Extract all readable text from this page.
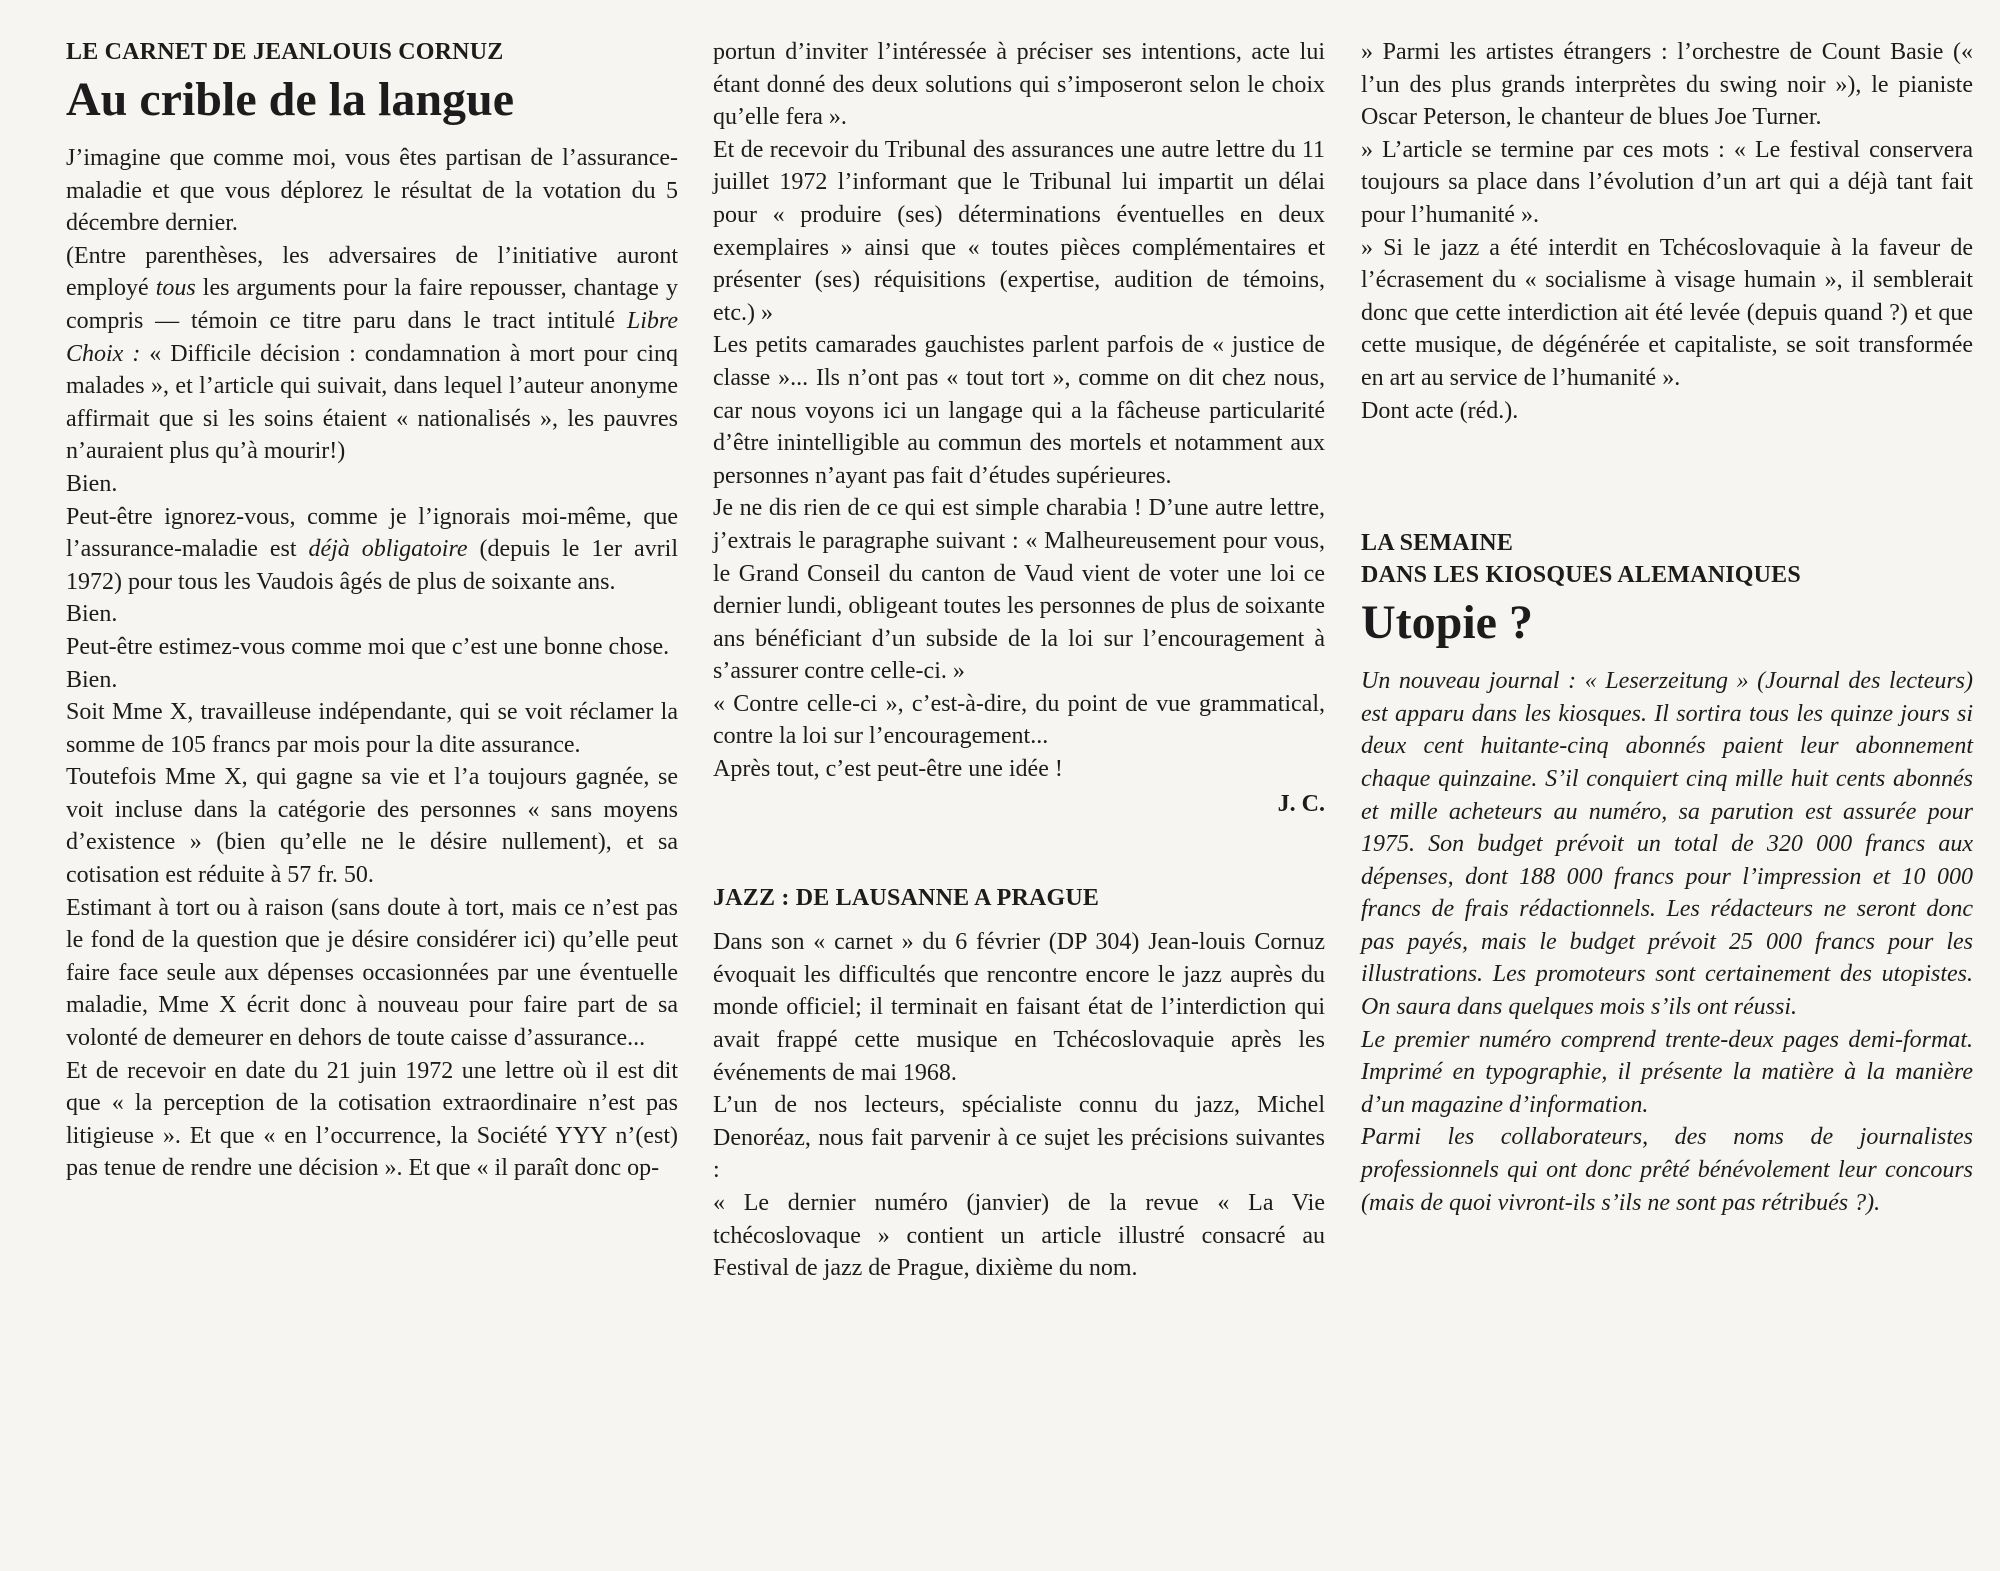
LE CARNET DE JEANLOUIS CORNUZ
Au crible de la langue

J’imagine que comme moi, vous êtes partisan de l’assurance-maladie et que vous déplorez le résultat de la votation du 5 décembre dernier.

(Entre parenthèses, les adversaires de l’initiative auront employé tous les arguments pour la faire repousser, chantage y compris — témoin ce titre paru dans le tract intitulé Libre Choix : « Difficile décision : condamnation à mort pour cinq malades », et l’article qui suivait, dans lequel l’auteur anonyme affirmait que si les soins étaient « nationalisés », les pauvres n’auraient plus qu’à mourir!)

Bien.

Peut-être ignorez-vous, comme je l’ignorais moi-même, que l’assurance-maladie est déjà obligatoire (depuis le 1er avril 1972) pour tous les Vaudois âgés de plus de soixante ans.

Bien.

Peut-être estimez-vous comme moi que c’est une bonne chose.

Bien.

Soit Mme X, travailleuse indépendante, qui se voit réclamer la somme de 105 francs par mois pour la dite assurance.

Toutefois Mme X, qui gagne sa vie et l’a toujours gagnée, se voit incluse dans la catégorie des personnes « sans moyens d’existence » (bien qu’elle ne le désire nullement), et sa cotisation est réduite à 57 fr. 50.

Estimant à tort ou à raison (sans doute à tort, mais ce n’est pas le fond de la question que je désire considérer ici) qu’elle peut faire face seule aux dépenses occasionnées par une éventuelle maladie, Mme X écrit donc à nouveau pour faire part de sa volonté de demeurer en dehors de toute caisse d’assurance...

Et de recevoir en date du 21 juin 1972 une lettre où il est dit que « la perception de la cotisation extraordinaire n’est pas litigieuse ». Et que « en l’occurrence, la Société YYY n’(est) pas tenue de rendre une décision ». Et que « il paraît donc op-

portun d’inviter l’intéressée à préciser ses intentions, acte lui étant donné des deux solutions qui s’imposeront selon le choix qu’elle fera ».

Et de recevoir du Tribunal des assurances une autre lettre du 11 juillet 1972 l’informant que le Tribunal lui impartit un délai pour « produire (ses) déterminations éventuelles en deux exemplaires » ainsi que « toutes pièces complémentaires et présenter (ses) réquisitions (expertise, audition de témoins, etc.) »

Les petits camarades gauchistes parlent parfois de « justice de classe »... Ils n’ont pas « tout tort », comme on dit chez nous, car nous voyons ici un langage qui a la fâcheuse particularité d’être inintelligible au commun des mortels et notamment aux personnes n’ayant pas fait d’études supérieures.

Je ne dis rien de ce qui est simple charabia ! D’une autre lettre, j’extrais le paragraphe suivant : « Malheureusement pour vous, le Grand Conseil du canton de Vaud vient de voter une loi ce dernier lundi, obligeant toutes les personnes de plus de soixante ans bénéficiant d’un subside de la loi sur l’encouragement à s’assurer contre celle-ci. »

« Contre celle-ci », c’est-à-dire, du point de vue grammatical, contre la loi sur l’encouragement...

Après tout, c’est peut-être une idée !

J. C.
JAZZ : DE LAUSANNE A PRAGUE

Dans son « carnet » du 6 février (DP 304) Jean-louis Cornuz évoquait les difficultés que rencontre encore le jazz auprès du monde officiel; il terminait en faisant état de l’interdiction qui avait frappé cette musique en Tchécoslovaquie après les événements de mai 1968.

L’un de nos lecteurs, spécialiste connu du jazz, Michel Denoréaz, nous fait parvenir à ce sujet les précisions suivantes :

« Le dernier numéro (janvier) de la revue « La Vie tchécoslovaque » contient un article illustré consacré au Festival de jazz de Prague, dixième du nom.

» Parmi les artistes étrangers : l’orchestre de Count Basie (« l’un des plus grands interprètes du swing noir »), le pianiste Oscar Peterson, le chanteur de blues Joe Turner.

» L’article se termine par ces mots : « Le festival conservera toujours sa place dans l’évolution d’un art qui a déjà tant fait pour l’humanité ».

» Si le jazz a été interdit en Tchécoslovaquie à la faveur de l’écrasement du « socialisme à visage humain », il semblerait donc que cette interdiction ait été levée (depuis quand ?) et que cette musique, de dégénérée et capitaliste, se soit transformée en art au service de l’humanité ».

Dont acte (réd.).

LA SEMAINE
DANS LES KIOSQUES ALEMANIQUES
Utopie ?

Un nouveau journal : « Leserzeitung » (Journal des lecteurs) est apparu dans les kiosques. Il sortira tous les quinze jours si deux cent huitante-cinq abonnés paient leur abonnement chaque quinzaine. S’il conquiert cinq mille huit cents abonnés et mille acheteurs au numéro, sa parution est assurée pour 1975. Son budget prévoit un total de 320 000 francs aux dépenses, dont 188 000 francs pour l’impression et 10 000 francs de frais rédactionnels. Les rédacteurs ne seront donc pas payés, mais le budget prévoit 25 000 francs pour les illustrations. Les promoteurs sont certainement des utopistes. On saura dans quelques mois s’ils ont réussi.

Le premier numéro comprend trente-deux pages demi-format. Imprimé en typographie, il présente la matière à la manière d’un magazine d’information.

Parmi les collaborateurs, des noms de journalistes professionnels qui ont donc prêté bénévolement leur concours (mais de quoi vivront-ils s’ils ne sont pas rétribués ?).
